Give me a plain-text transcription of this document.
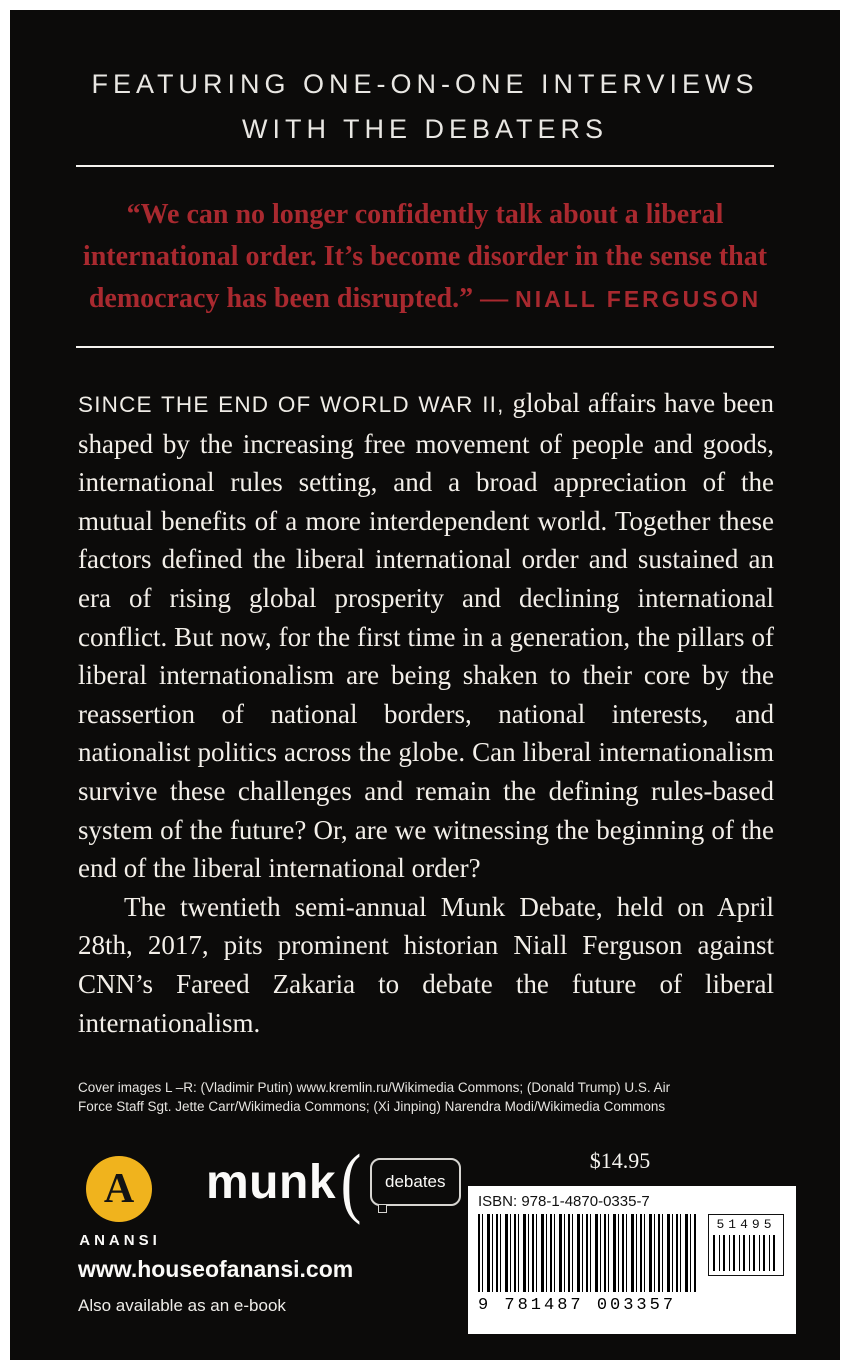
FEATURING ONE-ON-ONE INTERVIEWS
WITH THE DEBATERS
“We can no longer confidently talk about a liberal international order. It’s become disorder in the sense that democracy has been disrupted.” — NIALL FERGUSON

SINCE THE END OF WORLD WAR II, global affairs have been shaped by the increasing free movement of people and goods, international rules setting, and a broad appreciation of the mutual benefits of a more interdependent world. Together these factors defined the liberal international order and sustained an era of rising global prosperity and declining international conflict. But now, for the first time in a generation, the pillars of liberal internationalism are being shaken to their core by the reassertion of national borders, national interests, and nationalist politics across the globe. Can liberal internationalism survive these challenges and remain the defining rules-based system of the future? Or, are we witnessing the beginning of the end of the liberal international order?

The twentieth semi-annual Munk Debate, held on April 28th, 2017, pits prominent historian Niall Ferguson against CNN’s Fareed Zakaria to debate the future of liberal internationalism.

Cover images L –R: (Vladimir Putin) www.kremlin.ru/Wikimedia Commons; (Donald Trump) U.S. Air Force Staff Sgt. Jette Carr/Wikimedia Commons; (Xi Jinping) Narendra Modi/Wikimedia Commons
A
ANANSI
munk (	debates
$14.95
ISBN: 978-1-4870-0335-7
51495
9 781487 003357
www.houseofanansi.com
Also available as an e-book
